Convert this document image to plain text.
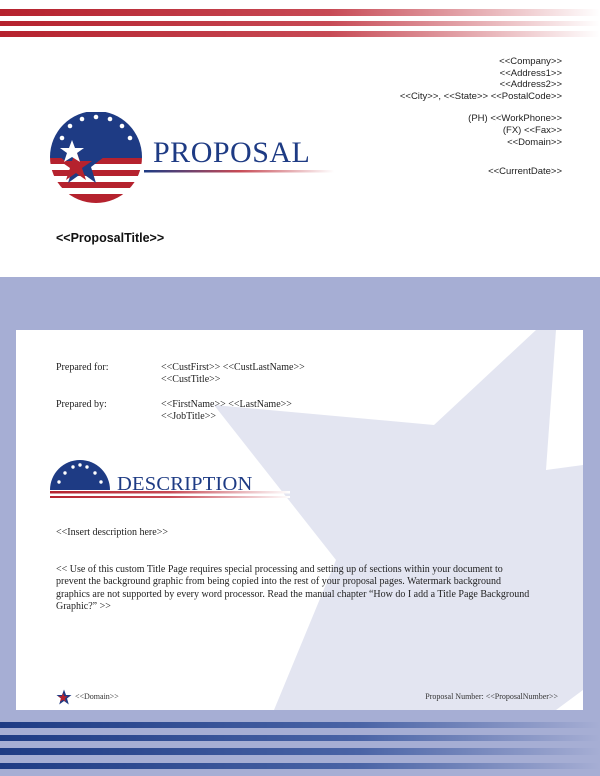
<<Company>>
<<Address1>>
<<Address2>>
<<City>>, <<State>> <<PostalCode>>
(PH) <<WorkPhone>>
(FX) <<Fax>>
<<Domain>>
<<CurrentDate>>
PROPOSAL
<<ProposalTitle>>
Prepared for:	<<CustFirst>> <<CustLastName>>
<<CustTitle>>
Prepared by:	<<FirstName>> <<LastName>>
<<JobTitle>>
DESCRIPTION
<<Insert description here>>
<< Use of this custom Title Page requires special processing and setting up of sections within your document to prevent the background graphic from being copied into the rest of your proposal pages. Watermark background graphics are not supported by every word processor. Read the manual chapter “How do I add a Title Page Background Graphic?” >>
<<Domain>>	Proposal Number: <<ProposalNumber>>
